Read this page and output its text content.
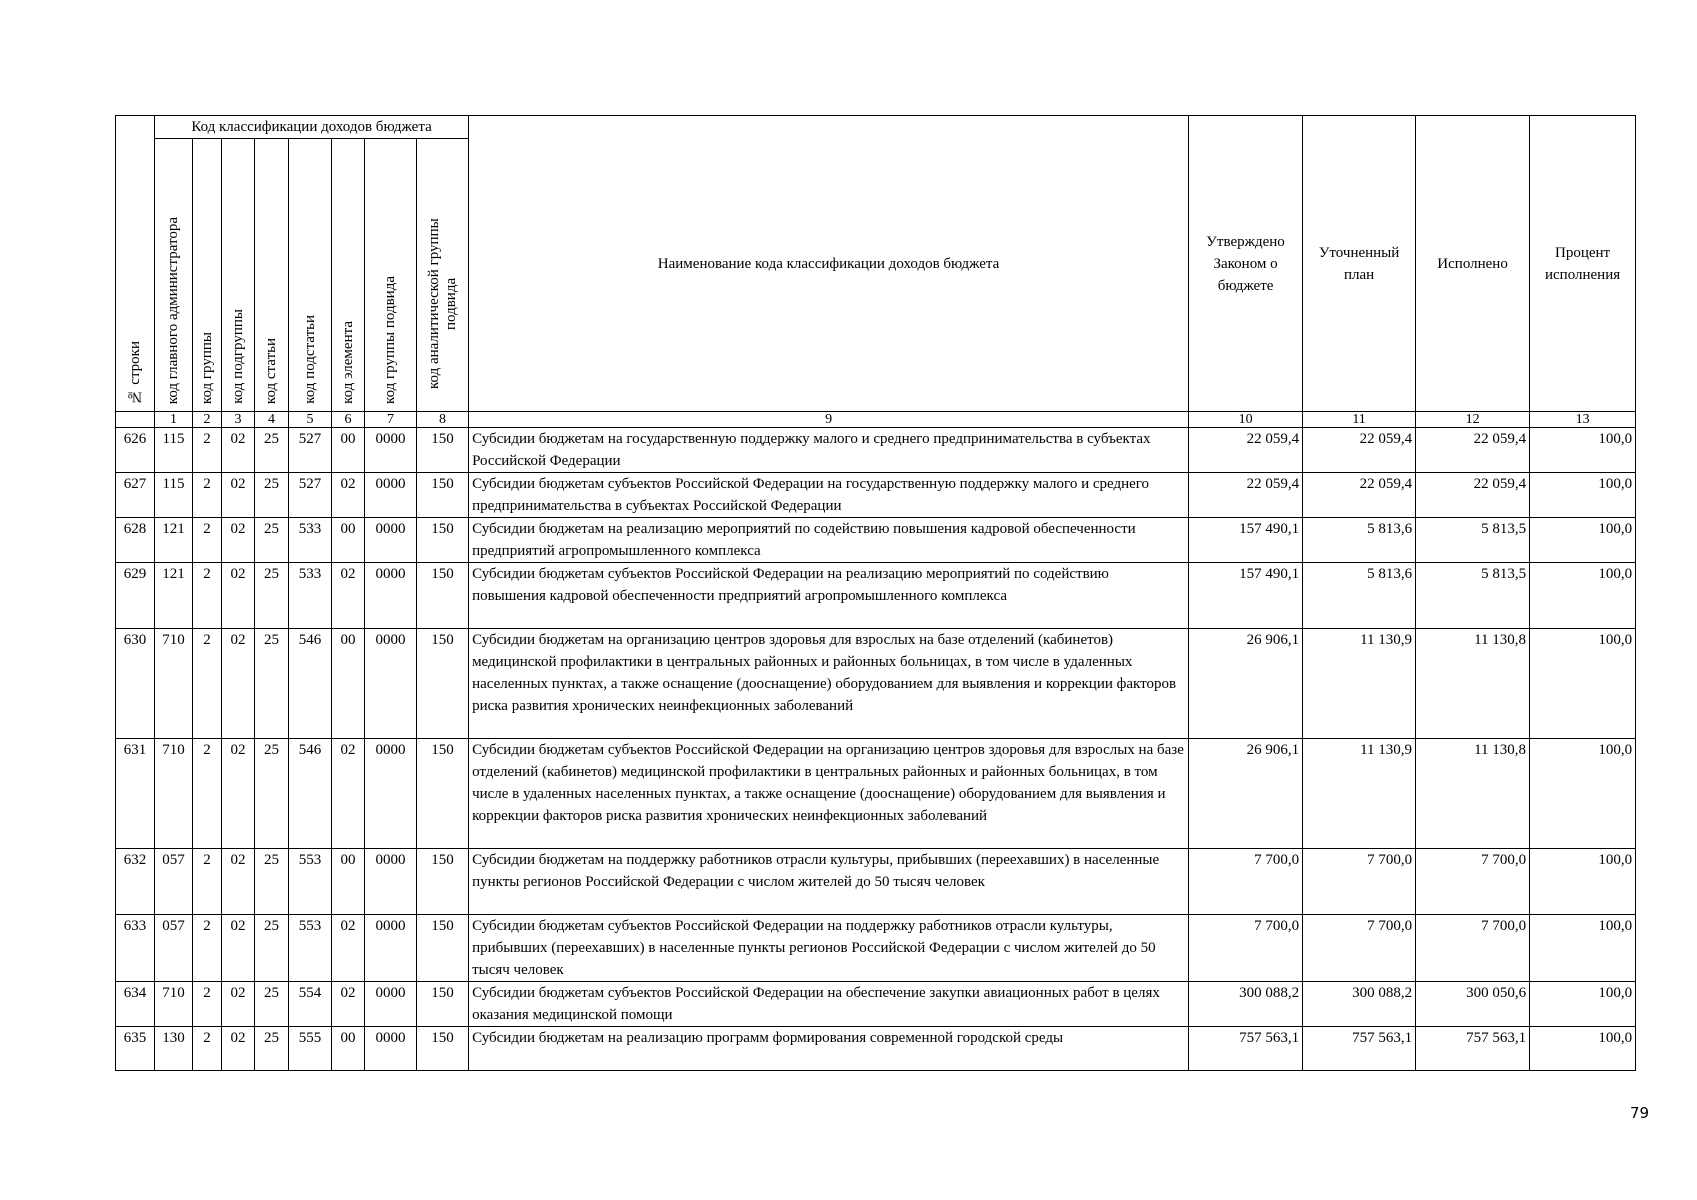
№ строки	Код классификации доходов бюджета								Наименование кода классификации доходов бюджета	Утверждено Законом о бюджете	Уточненный план	Исполнено	Процент исполнения
	код главного администратора	код группы	код подгруппы	код статьи	код подстатьи	код элемента	код группы подвида	код аналитической группы подвида					
	1	2	3	4	5	6	7	8	9	10	11	12	13
626	115	2	02	25	527	00	0000	150	Субсидии бюджетам на государственную поддержку малого и среднего предпринимательства в субъектах Российской Федерации	22 059,4	22 059,4	22 059,4	100,0
627	115	2	02	25	527	02	0000	150	Субсидии бюджетам субъектов Российской Федерации на государственную поддержку малого и среднего предпринимательства в субъектах Российской Федерации	22 059,4	22 059,4	22 059,4	100,0
628	121	2	02	25	533	00	0000	150	Субсидии бюджетам на реализацию мероприятий по содействию повышения кадровой обеспеченности предприятий агропромышленного комплекса	157 490,1	5 813,6	5 813,5	100,0
629	121	2	02	25	533	02	0000	150	Субсидии бюджетам субъектов Российской Федерации на реализацию мероприятий по содействию повышения кадровой обеспеченности предприятий агропромышленного комплекса	157 490,1	5 813,6	5 813,5	100,0
630	710	2	02	25	546	00	0000	150	Субсидии бюджетам на организацию центров здоровья для взрослых на базе отделений (кабинетов) медицинской профилактики в центральных районных и районных больницах, в том числе в удаленных населенных пунктах, а также оснащение (дооснащение) оборудованием для выявления и коррекции факторов риска развития хронических неинфекционных заболеваний	26 906,1	11 130,9	11 130,8	100,0
631	710	2	02	25	546	02	0000	150	Субсидии бюджетам субъектов Российской Федерации на организацию центров здоровья для взрослых на базе отделений (кабинетов) медицинской профилактики в центральных районных и районных больницах, в том числе в удаленных населенных пунктах, а также оснащение (дооснащение) оборудованием для выявления и коррекции факторов риска развития хронических неинфекционных заболеваний	26 906,1	11 130,9	11 130,8	100,0
632	057	2	02	25	553	00	0000	150	Субсидии бюджетам на поддержку работников отрасли культуры, прибывших (переехавших) в населенные пункты регионов Российской Федерации с числом жителей до 50 тысяч человек	7 700,0	7 700,0	7 700,0	100,0
633	057	2	02	25	553	02	0000	150	Субсидии бюджетам субъектов Российской Федерации на поддержку работников отрасли культуры, прибывших (переехавших) в населенные пункты регионов Российской Федерации с числом жителей до 50 тысяч человек	7 700,0	7 700,0	7 700,0	100,0
634	710	2	02	25	554	02	0000	150	Субсидии бюджетам субъектов Российской Федерации на обеспечение закупки авиационных работ в целях оказания медицинской помощи	300 088,2	300 088,2	300 050,6	100,0
635	130	2	02	25	555	00	0000	150	Субсидии бюджетам на реализацию программ формирования современной городской среды	757 563,1	757 563,1	757 563,1	100,0
79
